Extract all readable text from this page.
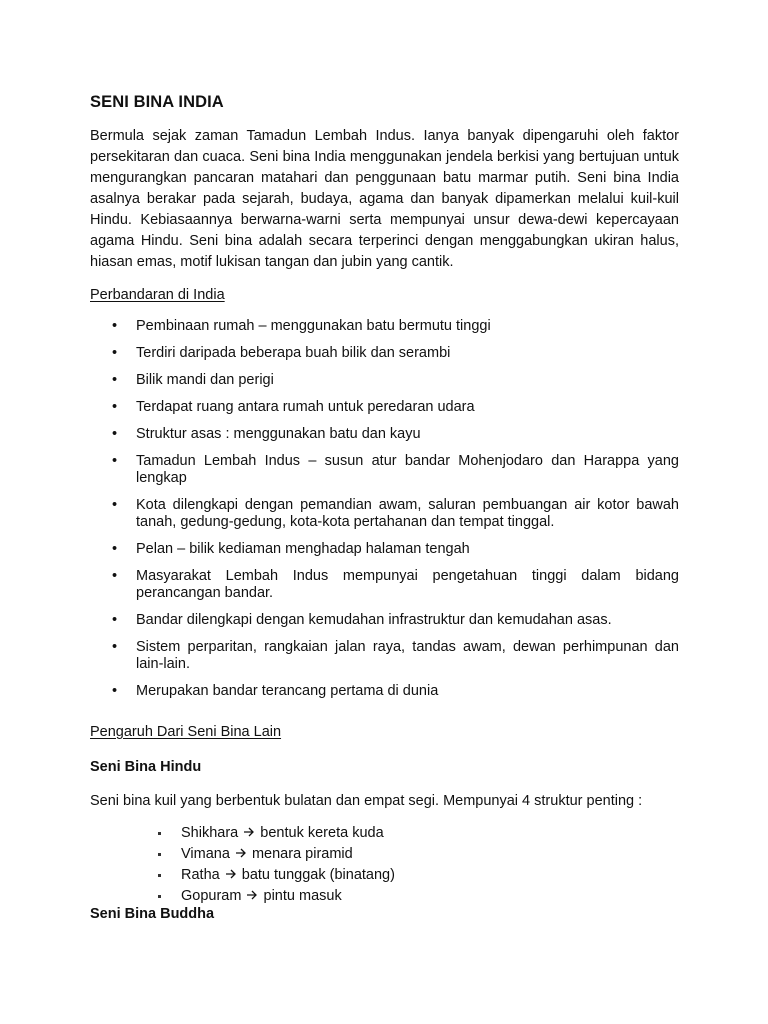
SENI BINA INDIA

Bermula sejak zaman Tamadun Lembah Indus. Ianya banyak dipengaruhi oleh faktor persekitaran dan cuaca. Seni bina India menggunakan jendela berkisi yang bertujuan untuk mengurangkan pancaran matahari dan penggunaan batu marmar putih. Seni bina India asalnya berakar pada sejarah, budaya, agama dan banyak dipamerkan melalui kuil-kuil Hindu. Kebiasaannya berwarna-warni serta mempunyai unsur dewa-dewi kepercayaan agama Hindu. Seni bina adalah secara terperinci dengan menggabungkan ukiran halus, hiasan emas, motif lukisan tangan dan jubin yang cantik.

Perbandaran di India

• Pembinaan rumah – menggunakan batu bermutu tinggi
• Terdiri daripada beberapa buah bilik dan serambi
• Bilik mandi dan perigi
• Terdapat ruang antara rumah untuk peredaran udara
• Struktur asas : menggunakan batu dan kayu
• Tamadun Lembah Indus – susun atur bandar Mohenjodaro dan Harappa yang lengkap
• Kota dilengkapi dengan pemandian awam, saluran pembuangan air kotor bawah tanah, gedung-gedung, kota-kota pertahanan dan tempat tinggal.
• Pelan – bilik kediaman menghadap halaman tengah
• Masyarakat Lembah Indus mempunyai pengetahuan tinggi dalam bidang perancangan bandar.
• Bandar dilengkapi dengan kemudahan infrastruktur dan kemudahan asas.
• Sistem perparitan, rangkaian jalan raya, tandas awam, dewan perhimpunan dan lain-lain.
• Merupakan bandar terancang pertama di dunia

Pengaruh Dari Seni Bina Lain

Seni Bina Hindu

Seni bina kuil yang berbentuk bulatan dan empat segi. Mempunyai 4 struktur penting :

Shikhara bentuk kereta kuda
Vimana menara piramid
Ratha batu tunggak (binatang)
Gopuram pintu masuk

Seni Bina Buddha
